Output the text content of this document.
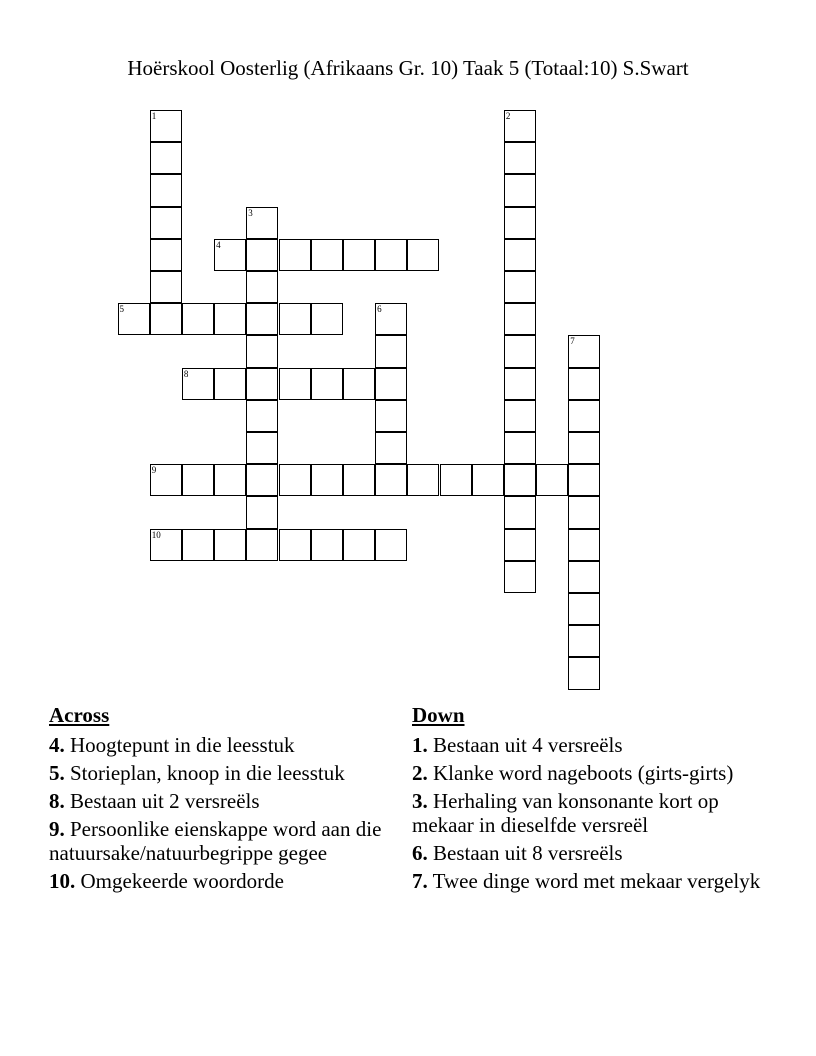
Hoërskool Oosterlig (Afrikaans Gr. 10) Taak 5 (Totaal:10) S.Swart
1	2
3
4
5	6
7
8
9
10
Across
4. Hoogtepunt in die leesstuk
5. Storieplan, knoop in die leesstuk
8. Bestaan uit 2 versreëls
9. Persoonlike eienskappe word aan die natuursake/natuurbegrippe gegee
10. Omgekeerde woordorde
Down
1. Bestaan uit 4 versreëls
2. Klanke word nageboots (girts-girts)
3. Herhaling van konsonante kort op mekaar in dieselfde versreël
6. Bestaan uit 8 versreëls
7. Twee dinge word met mekaar vergelyk
